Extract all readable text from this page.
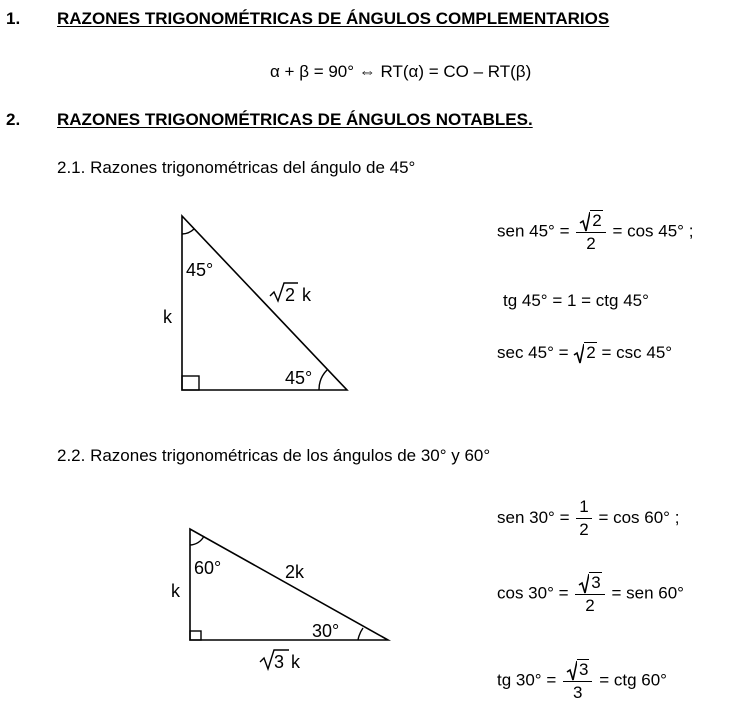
1. RAZONES TRIGONOMÉTRICAS DE ÁNGULOS COMPLEMENTARIOS
α + β = 90° ⇔ RT(α) = CO – RT(β)
2. RAZONES TRIGONOMÉTRICAS DE ÁNGULOS NOTABLES.
2.1. Razones trigonométricas del ángulo de 45°
45°
k
45°
2 k
sen $45^\circ = \frac{2}{2} = \cos 45^\circ$ ;
tg 45° = 1 = ctg 45°
sec 45° = 2 = csc 45°
2.2. Razones trigonométricas de los ángulos de 30° y 60°
60°
k
2k
30°
3 k
sen $30^\circ = \frac{1}{2} = \cos 60^\circ$ ;
$\cos 30^\circ = \frac{3}{2}$ = sen 60°
tg $30^\circ = \frac{3}{3}$ = ctg 60°
